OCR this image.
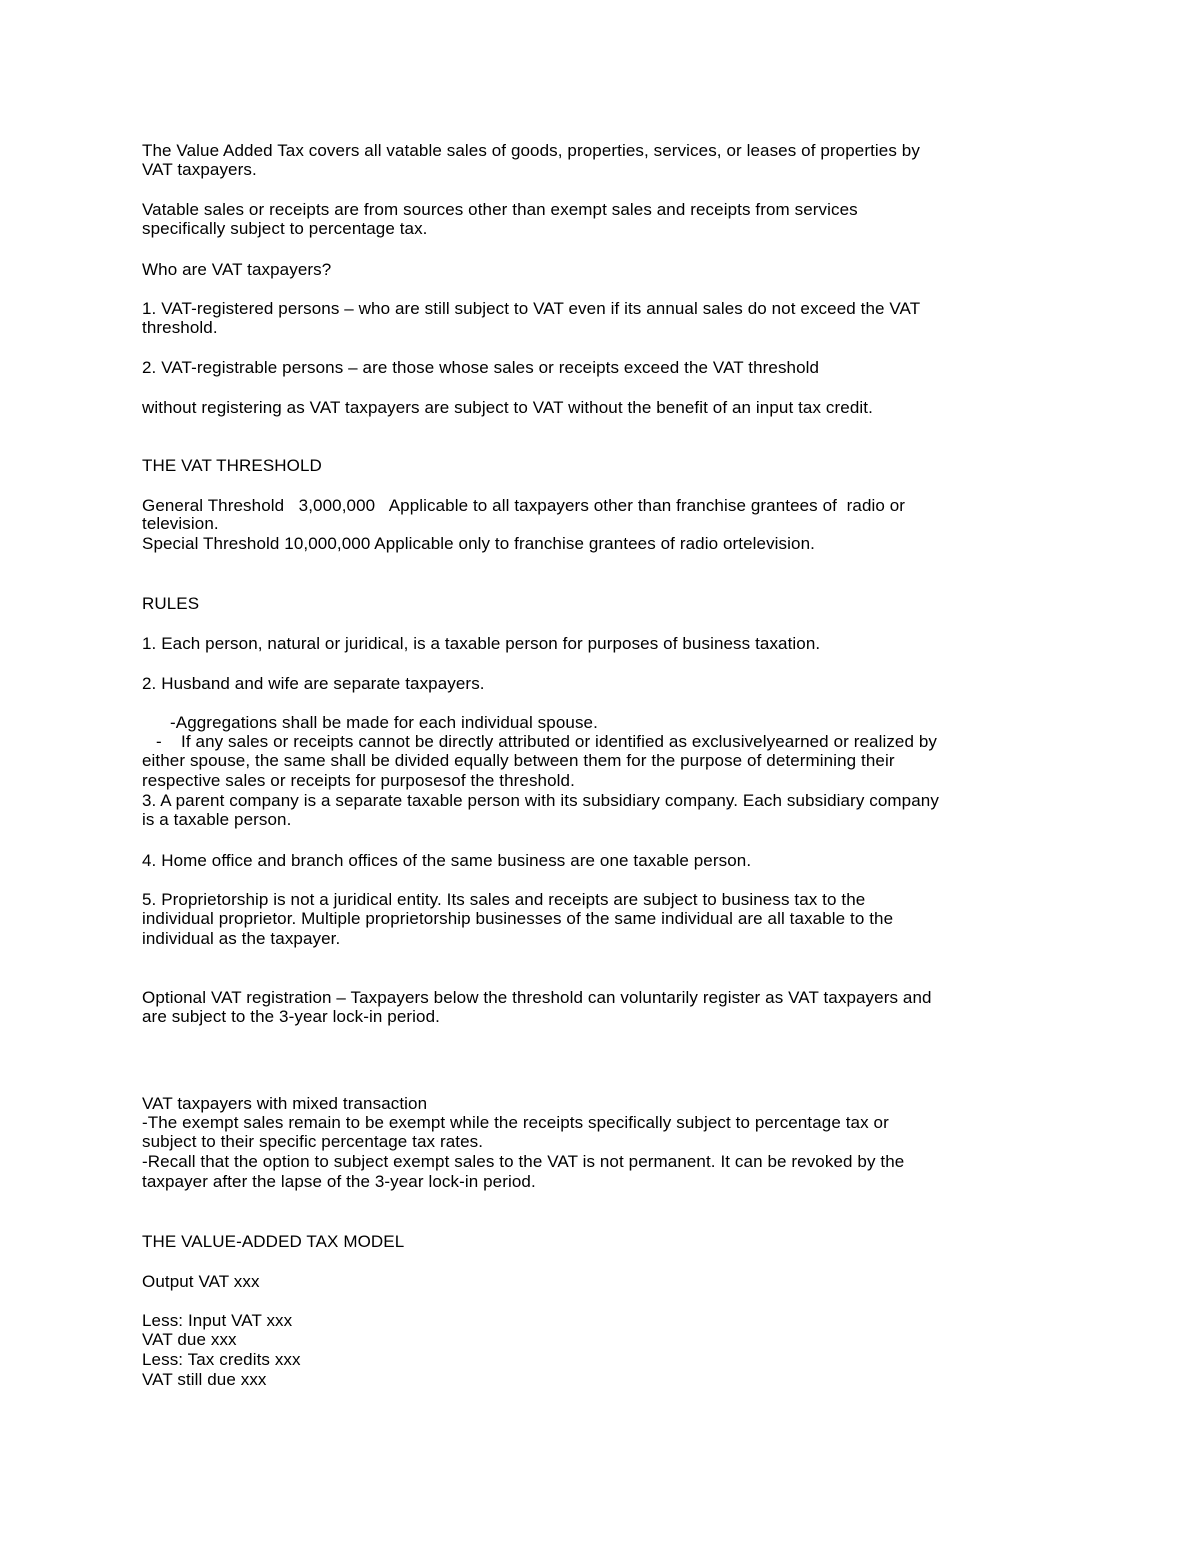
The Value Added Tax covers all vatable sales of goods, properties, services, or leases of properties by

VAT taxpayers.

Vatable sales or receipts are from sources other than exempt sales and receipts from services

specifically subject to percentage tax.

Who are VAT taxpayers?

1. VAT-registered persons – who are still subject to VAT even if its annual sales do not exceed the VAT

threshold.

2. VAT-registrable persons – are those whose sales or receipts exceed the VAT threshold

without registering as VAT taxpayers are subject to VAT without the benefit of an input tax credit.

THE VAT THRESHOLD

General Threshold   3,000,000   Applicable to all taxpayers other than franchise grantees of  radio or

television.

Special Threshold 10,000,000 Applicable only to franchise grantees of radio ortelevision.

RULES

1. Each person, natural or juridical, is a taxable person for purposes of business taxation.

2. Husband and wife are separate taxpayers.

-Aggregations shall be made for each individual spouse.

-    If any sales or receipts cannot be directly attributed or identified as exclusivelyearned or realized by

either spouse, the same shall be divided equally between them for the purpose of determining their

respective sales or receipts for purposesof the threshold.

3. A parent company is a separate taxable person with its subsidiary company. Each subsidiary company

is a taxable person.

4. Home office and branch offices of the same business are one taxable person.

5. Proprietorship is not a juridical entity. Its sales and receipts are subject to business tax to the

individual proprietor. Multiple proprietorship businesses of the same individual are all taxable to the

individual as the taxpayer.

Optional VAT registration – Taxpayers below the threshold can voluntarily register as VAT taxpayers and

are subject to the 3-year lock-in period.

VAT taxpayers with mixed transaction

-The exempt sales remain to be exempt while the receipts specifically subject to percentage tax or

subject to their specific percentage tax rates.

-Recall that the option to subject exempt sales to the VAT is not permanent. It can be revoked by the

taxpayer after the lapse of the 3-year lock-in period.

THE VALUE-ADDED TAX MODEL

Output VAT xxx

Less: Input VAT xxx

VAT due xxx

Less: Tax credits xxx

VAT still due xxx
